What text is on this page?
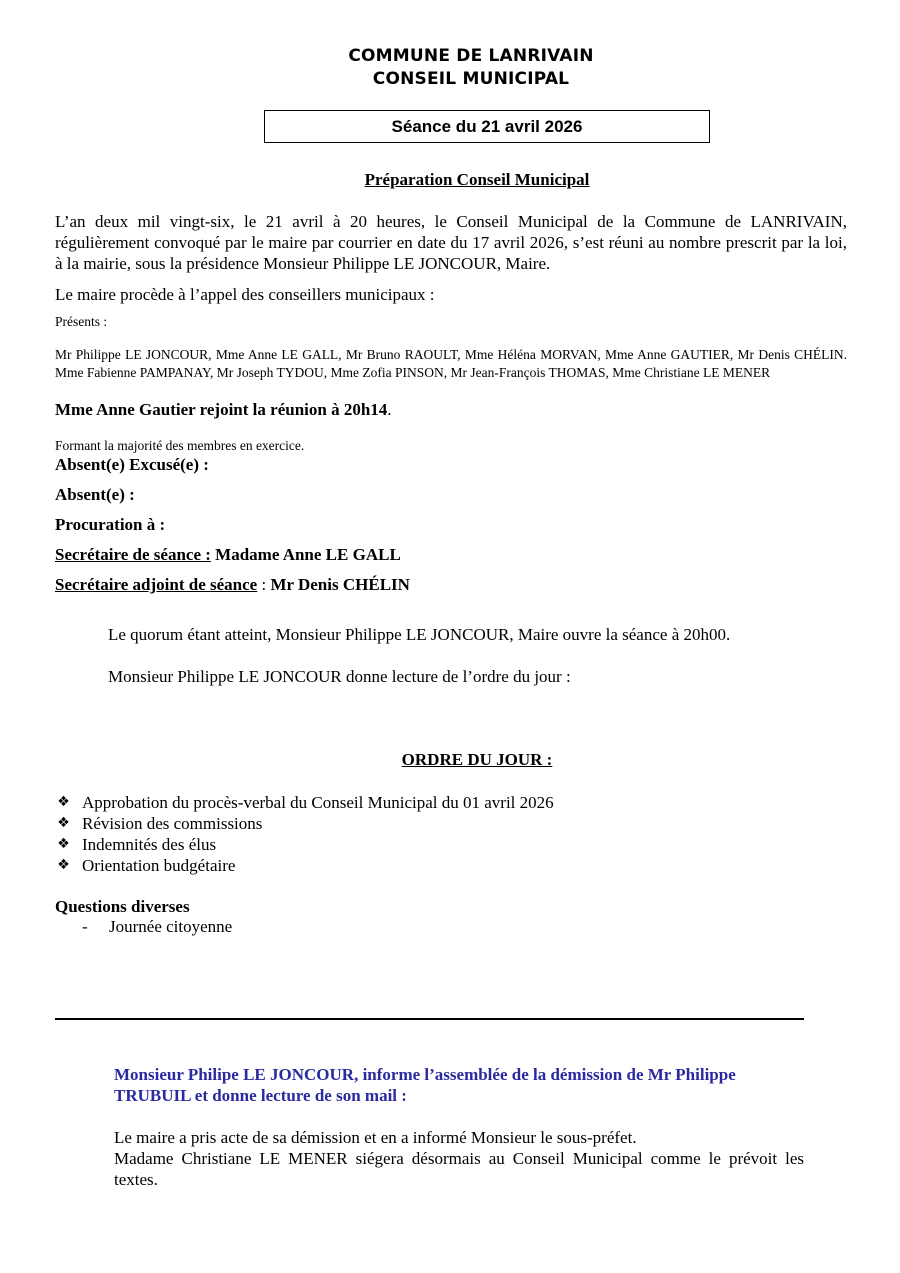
COMMUNE DE LANRIVAIN
CONSEIL MUNICIPAL
Séance du 21 avril 2026
Préparation Conseil Municipal
L’an deux mil vingt-six, le 21 avril à 20 heures, le Conseil Municipal de la Commune de LANRIVAIN, régulièrement convoqué par le maire par courrier en date du 17 avril 2026, s’est réuni au nombre prescrit par la loi, à la mairie, sous la présidence Monsieur Philippe LE JONCOUR, Maire.
Le maire procède à l’appel des conseillers municipaux :
Présents :
Mr Philippe LE JONCOUR, Mme Anne LE GALL, Mr Bruno RAOULT, Mme Héléna MORVAN, Mme Anne GAUTIER, Mr Denis CHÉLIN. Mme Fabienne PAMPANAY, Mr Joseph TYDOU, Mme Zofia PINSON, Mr Jean-François THOMAS, Mme Christiane LE MENER
Mme Anne Gautier rejoint la réunion à 20h14.
Formant la majorité des membres en exercice.
Absent(e) Excusé(e) :
Absent(e) :
Procuration à :
Secrétaire de séance : Madame Anne LE GALL
Secrétaire adjoint de séance : Mr Denis CHÉLIN
Le quorum étant atteint, Monsieur Philippe LE JONCOUR, Maire ouvre la séance à 20h00.
Monsieur Philippe LE JONCOUR donne lecture de l’ordre du jour :
ORDRE DU JOUR :
❖ Approbation du procès-verbal du Conseil Municipal du 01 avril 2026
❖ Révision des commissions
❖ Indemnités des élus
❖ Orientation budgétaire
Questions diverses
- Journée citoyenne
Monsieur Philipe LE JONCOUR, informe l’assemblée de la démission de Mr Philippe TRUBUIL et donne lecture de son mail :
Le maire a pris acte de sa démission et en a informé Monsieur le sous-préfet.
Madame Christiane LE MENER siégera désormais au Conseil Municipal comme le prévoit les textes.
